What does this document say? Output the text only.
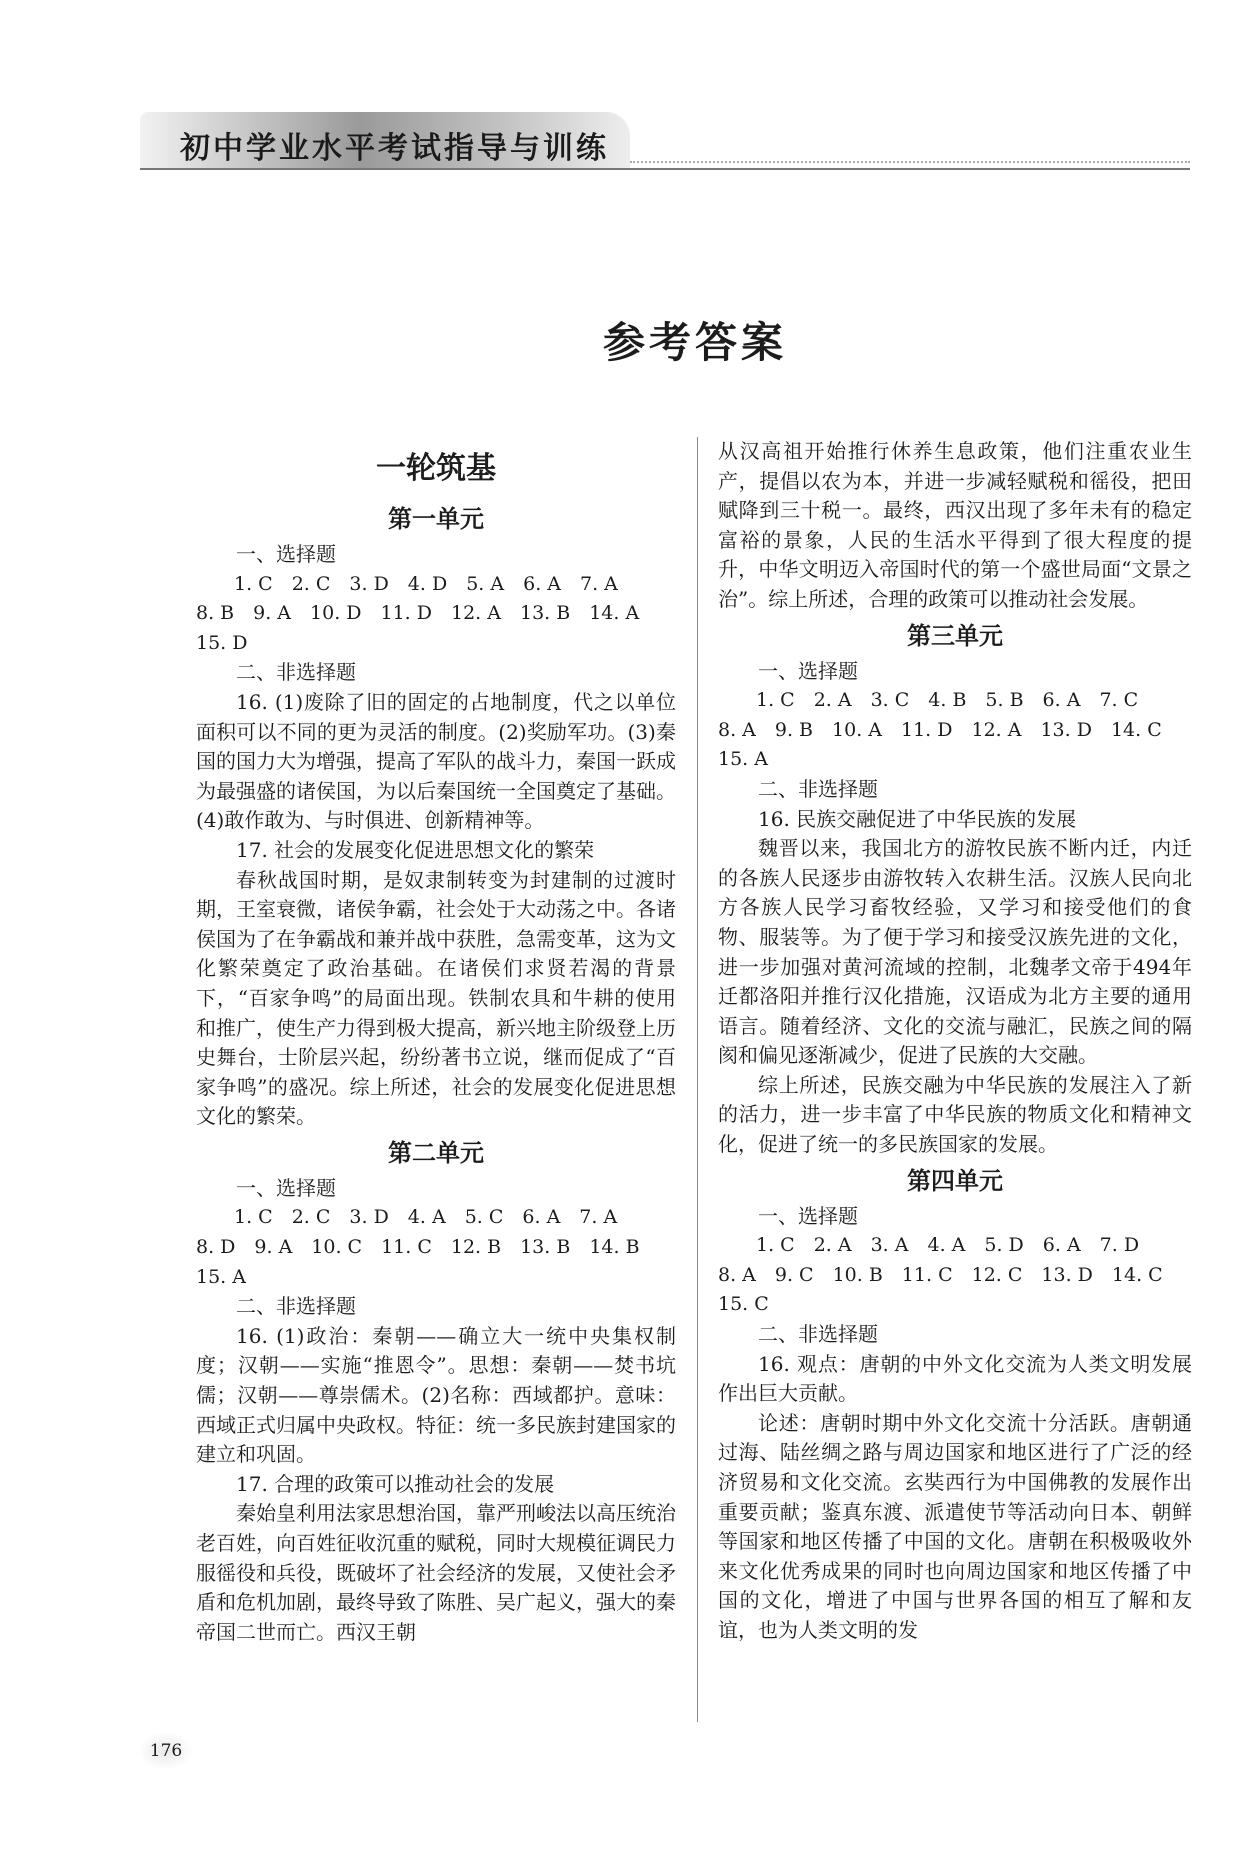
初中学业水平考试指导与训练
参考答案
一轮筑基
第一单元

一、选择题

1. C　2. C　3. D　4. D　5. A　6. A　7. A

8. B　9. A　10. D　11. D　12. A　13. B　14. A

15. D

二、非选择题

16. (1)废除了旧的固定的占地制度，代之以单位面积可以不同的更为灵活的制度。(2)奖励军功。(3)秦国的国力大为增强，提高了军队的战斗力，秦国一跃成为最强盛的诸侯国，为以后秦国统一全国奠定了基础。(4)敢作敢为、与时俱进、创新精神等。

17. 社会的发展变化促进思想文化的繁荣

春秋战国时期，是奴隶制转变为封建制的过渡时期，王室衰微，诸侯争霸，社会处于大动荡之中。各诸侯国为了在争霸战和兼并战中获胜，急需变革，这为文化繁荣奠定了政治基础。在诸侯们求贤若渴的背景下，“百家争鸣”的局面出现。铁制农具和牛耕的使用和推广，使生产力得到极大提高，新兴地主阶级登上历史舞台，士阶层兴起，纷纷著书立说，继而促成了“百家争鸣”的盛况。综上所述，社会的发展变化促进思想文化的繁荣。

第二单元

一、选择题

1. C　2. C　3. D　4. A　5. C　6. A　7. A

8. D　9. A　10. C　11. C　12. B　13. B　14. B

15. A

二、非选择题

16. (1)政治：秦朝——确立大一统中央集权制度；汉朝——实施“推恩令”。思想：秦朝——焚书坑儒；汉朝——尊崇儒术。(2)名称：西域都护。意味：西域正式归属中央政权。特征：统一多民族封建国家的建立和巩固。

17. 合理的政策可以推动社会的发展

秦始皇利用法家思想治国，靠严刑峻法以高压统治老百姓，向百姓征收沉重的赋税，同时大规模征调民力服徭役和兵役，既破坏了社会经济的发展，又使社会矛盾和危机加剧，最终导致了陈胜、吴广起义，强大的秦帝国二世而亡。西汉王朝

从汉高祖开始推行休养生息政策，他们注重农业生产，提倡以农为本，并进一步减轻赋税和徭役，把田赋降到三十税一。最终，西汉出现了多年未有的稳定富裕的景象，人民的生活水平得到了很大程度的提升，中华文明迈入帝国时代的第一个盛世局面“文景之治”。综上所述，合理的政策可以推动社会发展。

第三单元

一、选择题

1. C　2. A　3. C　4. B　5. B　6. A　7. C

8. A　9. B　10. A　11. D　12. A　13. D　14. C

15. A

二、非选择题

16. 民族交融促进了中华民族的发展

魏晋以来，我国北方的游牧民族不断内迁，内迁的各族人民逐步由游牧转入农耕生活。汉族人民向北方各族人民学习畜牧经验，又学习和接受他们的食物、服装等。为了便于学习和接受汉族先进的文化，进一步加强对黄河流域的控制，北魏孝文帝于494年迁都洛阳并推行汉化措施，汉语成为北方主要的通用语言。随着经济、文化的交流与融汇，民族之间的隔阂和偏见逐渐减少，促进了民族的大交融。

综上所述，民族交融为中华民族的发展注入了新的活力，进一步丰富了中华民族的物质文化和精神文化，促进了统一的多民族国家的发展。

第四单元

一、选择题

1. C　2. A　3. A　4. A　5. D　6. A　7. D

8. A　9. C　10. B　11. C　12. C　13. D　14. C

15. C

二、非选择题

16. 观点：唐朝的中外文化交流为人类文明发展作出巨大贡献。

论述：唐朝时期中外文化交流十分活跃。唐朝通过海、陆丝绸之路与周边国家和地区进行了广泛的经济贸易和文化交流。玄奘西行为中国佛教的发展作出重要贡献；鉴真东渡、派遣使节等活动向日本、朝鲜等国家和地区传播了中国的文化。唐朝在积极吸收外来文化优秀成果的同时也向周边国家和地区传播了中国的文化，增进了中国与世界各国的相互了解和友谊，也为人类文明的发

176
